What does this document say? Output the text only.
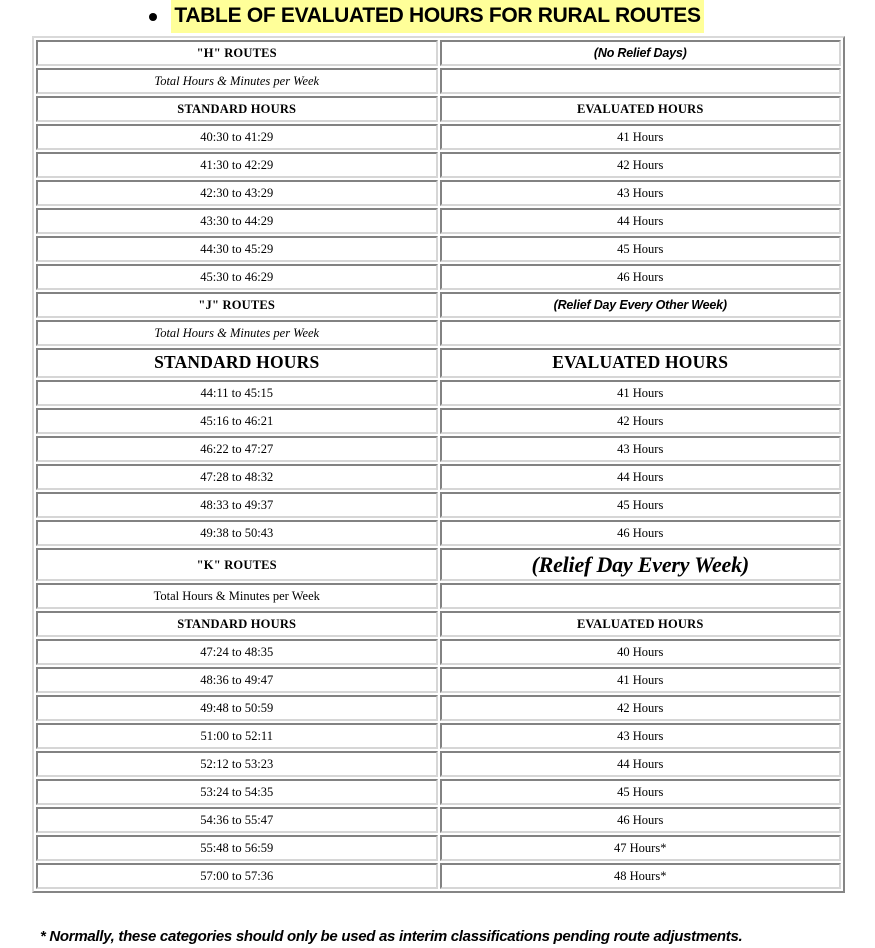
TABLE OF EVALUATED HOURS FOR RURAL ROUTES
"H" ROUTES	(No Relief Days)
Total Hours & Minutes per Week	
STANDARD HOURS	EVALUATED HOURS
40:30 to 41:29	41 Hours
41:30 to 42:29	42 Hours
42:30 to 43:29	43 Hours
43:30 to 44:29	44 Hours
44:30 to 45:29	45 Hours
45:30 to 46:29	46 Hours
"J" ROUTES	(Relief Day Every Other Week)
Total Hours & Minutes per Week	
STANDARD HOURS	EVALUATED HOURS
44:11 to 45:15	41 Hours
45:16 to 46:21	42 Hours
46:22 to 47:27	43 Hours
47:28 to 48:32	44 Hours
48:33 to 49:37	45 Hours
49:38 to 50:43	46 Hours
"K" ROUTES	(Relief Day Every Week)
Total Hours & Minutes per Week	
STANDARD HOURS	EVALUATED HOURS
47:24 to 48:35	40 Hours
48:36 to 49:47	41 Hours
49:48 to 50:59	42 Hours
51:00 to 52:11	43 Hours
52:12 to 53:23	44 Hours
53:24 to 54:35	45 Hours
54:36 to 55:47	46 Hours
55:48 to 56:59	47 Hours*
57:00 to 57:36	48 Hours*

* Normally, these categories should only be used as interim classifications pending route adjustments.
